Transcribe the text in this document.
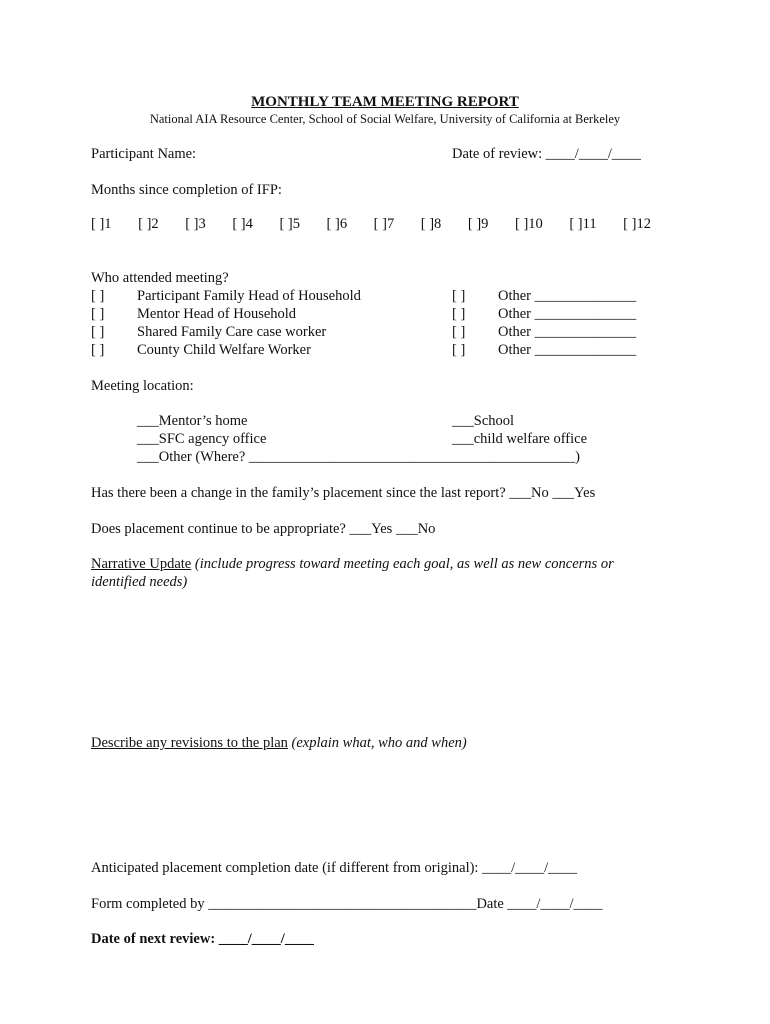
MONTHLY TEAM MEETING REPORT
National AIA Resource Center, School of Social Welfare, University of California at Berkeley
Participant Name:	Date of review: ____/____/____
Months since completion of IFP:
[ ]1 [ ]2 [ ]3 [ ]4 [ ]5 [ ]6 [ ]7 [ ]8 [ ]9 [ ]10 [ ]11 [ ]12
Who attended meeting?
[ ] Participant Family Head of Household
[ ] Mentor Head of Household
[ ] Shared Family Care case worker
[ ] County Child Welfare Worker
[ ] Other ______________
[ ] Other ______________
[ ] Other ______________
[ ] Other ______________
Meeting location:
___Mentor’s home
___SFC agency office
___Other (Where? _____________________________________________)
___School
___child welfare office
Has there been a change in the family’s placement since the last report? ___No ___Yes
Does placement continue to be appropriate? ___Yes ___No
Narrative Update (include progress toward meeting each goal, as well as new concerns or
identified needs)
Describe any revisions to the plan (explain what, who and when)
Anticipated placement completion date (if different from original): ____/____/____
Form completed by _____________________________________Date ____/____/____
Date of next review: ____/____/____
